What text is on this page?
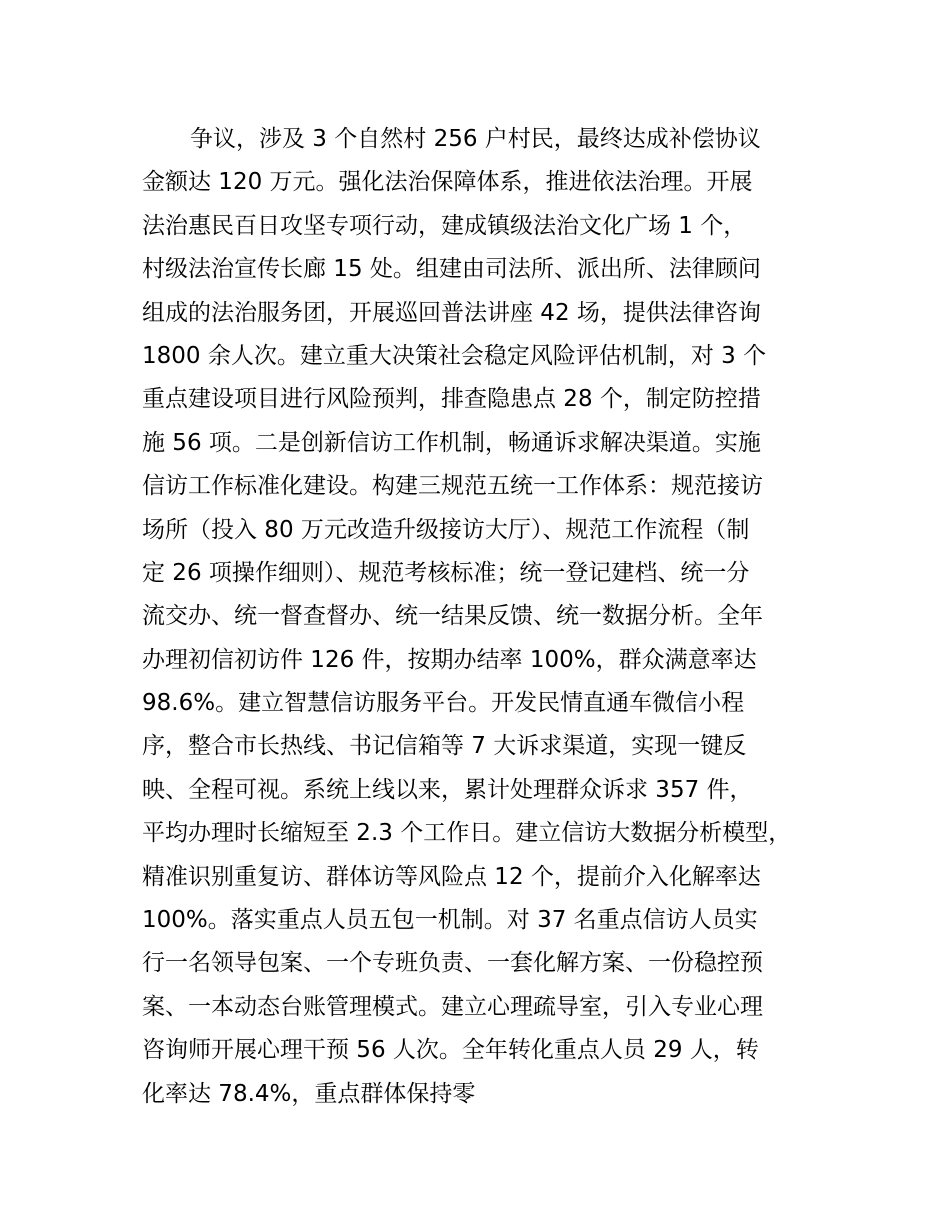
争议，涉及 3 个自然村 256 户村民，最终达成补偿协议
金额达 120 万元。强化法治保障体系，推进依法治理。开展
法治惠民百日攻坚专项行动，建成镇级法治文化广场 1 个，
村级法治宣传长廊 15 处。组建由司法所、派出所、法律顾问
组成的法治服务团，开展巡回普法讲座 42 场，提供法律咨询
1800 余人次。建立重大决策社会稳定风险评估机制，对 3 个
重点建设项目进行风险预判，排查隐患点 28 个，制定防控措
施 56 项。二是创新信访工作机制，畅通诉求解决渠道。实施
信访工作标准化建设。构建三规范五统一工作体系：规范接访
场所（投入 80 万元改造升级接访大厅）、规范工作流程（制
定 26 项操作细则）、规范考核标准；统一登记建档、统一分
流交办、统一督查督办、统一结果反馈、统一数据分析。全年
办理初信初访件 126 件，按期办结率 100%，群众满意率达
98.6%。建立智慧信访服务平台。开发民情直通车微信小程
序，整合市长热线、书记信箱等 7 大诉求渠道，实现一键反
映、全程可视。系统上线以来，累计处理群众诉求 357 件，
平均办理时长缩短至 2.3 个工作日。建立信访大数据分析模型，
精准识别重复访、群体访等风险点 12 个，提前介入化解率达
100%。落实重点人员五包一机制。对 37 名重点信访人员实
行一名领导包案、一个专班负责、一套化解方案、一份稳控预
案、一本动态台账管理模式。建立心理疏导室，引入专业心理
咨询师开展心理干预 56 人次。全年转化重点人员 29 人，转
化率达 78.4%，重点群体保持零
